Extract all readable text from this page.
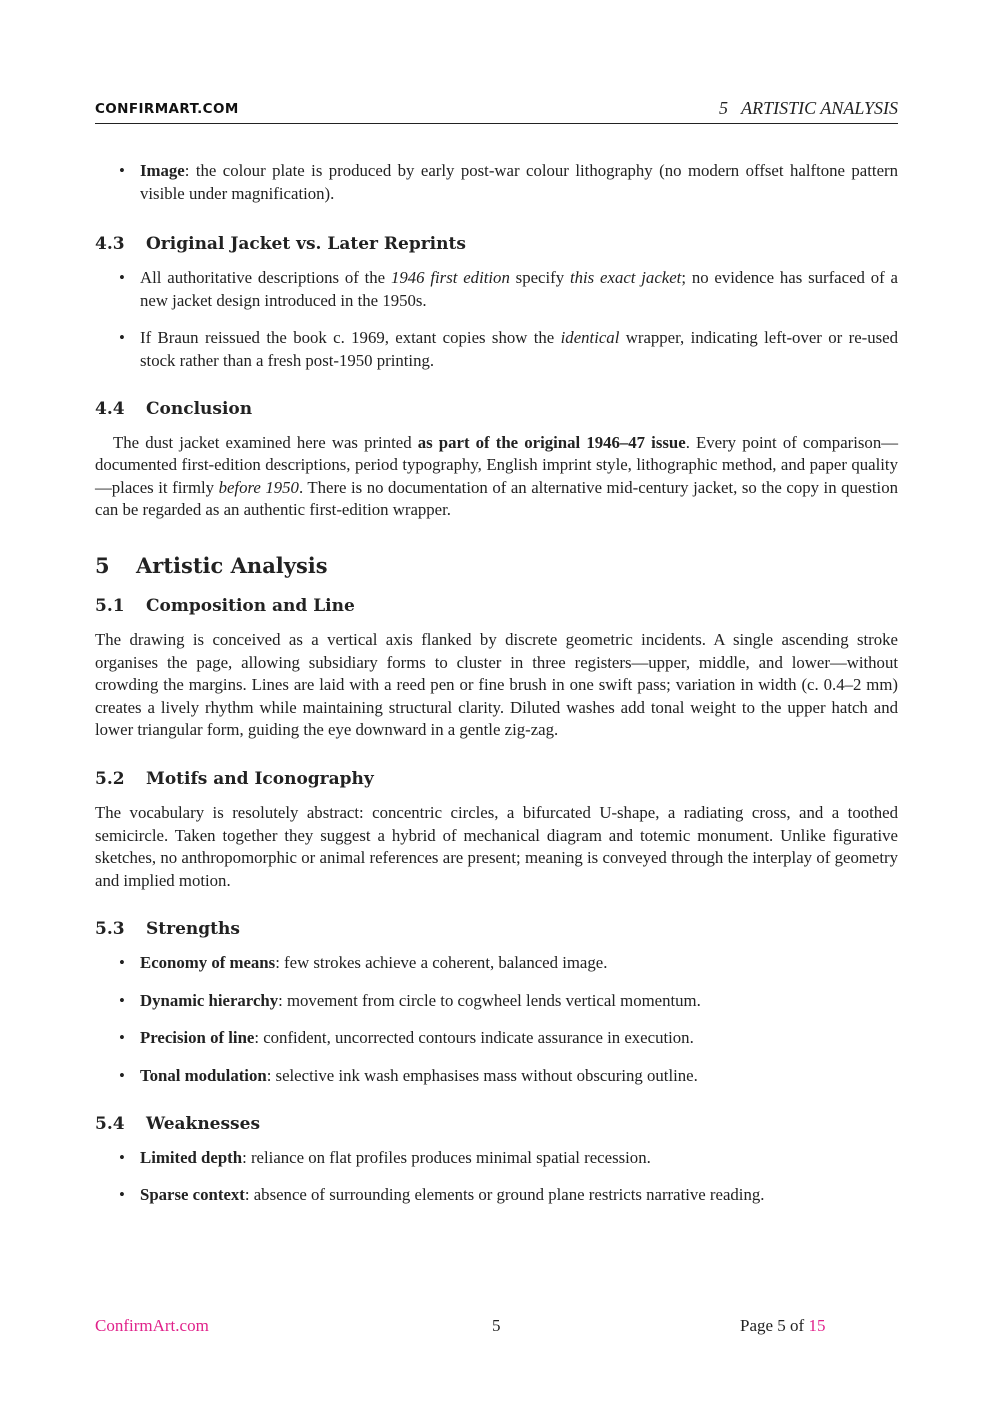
CONFIRMART.COM	5   ARTISTIC ANALYSIS
• Image: the colour plate is produced by early post-war colour lithography (no modern offset halftone pattern visible under magnification).
4.3 Original Jacket vs. Later Reprints
• All authoritative descriptions of the 1946 first edition specify this exact jacket; no evidence has surfaced of a new jacket design introduced in the 1950s.
• If Braun reissued the book c. 1969, extant copies show the identical wrapper, indicating left-over or re-used stock rather than a fresh post-1950 printing.
4.4 Conclusion

The dust jacket examined here was printed as part of the original 1946–47 issue. Every point of comparison—documented first-edition descriptions, period typography, English imprint style, lithographic method, and paper quality—places it firmly before 1950. There is no documentation of an alternative mid-century jacket, so the copy in question can be regarded as an authentic first-edition wrapper.

5 Artistic Analysis
5.1 Composition and Line

The drawing is conceived as a vertical axis flanked by discrete geometric incidents. A single ascending stroke organises the page, allowing subsidiary forms to cluster in three registers—upper, middle, and lower—without crowding the margins. Lines are laid with a reed pen or fine brush in one swift pass; variation in width (c. 0.4–2 mm) creates a lively rhythm while maintaining structural clarity. Diluted washes add tonal weight to the upper hatch and lower triangular form, guiding the eye downward in a gentle zig-zag.

5.2 Motifs and Iconography

The vocabulary is resolutely abstract: concentric circles, a bifurcated U-shape, a radiating cross, and a toothed semicircle. Taken together they suggest a hybrid of mechanical diagram and totemic monument. Unlike figurative sketches, no anthropomorphic or animal references are present; meaning is conveyed through the interplay of geometry and implied motion.

5.3 Strengths
• Economy of means: few strokes achieve a coherent, balanced image.
• Dynamic hierarchy: movement from circle to cogwheel lends vertical momentum.
• Precision of line: confident, uncorrected contours indicate assurance in execution.
• Tonal modulation: selective ink wash emphasises mass without obscuring outline.
5.4 Weaknesses
• Limited depth: reliance on flat profiles produces minimal spatial recession.
• Sparse context: absence of surrounding elements or ground plane restricts narrative reading.
ConfirmArt.com	5	Page 5 of 15
